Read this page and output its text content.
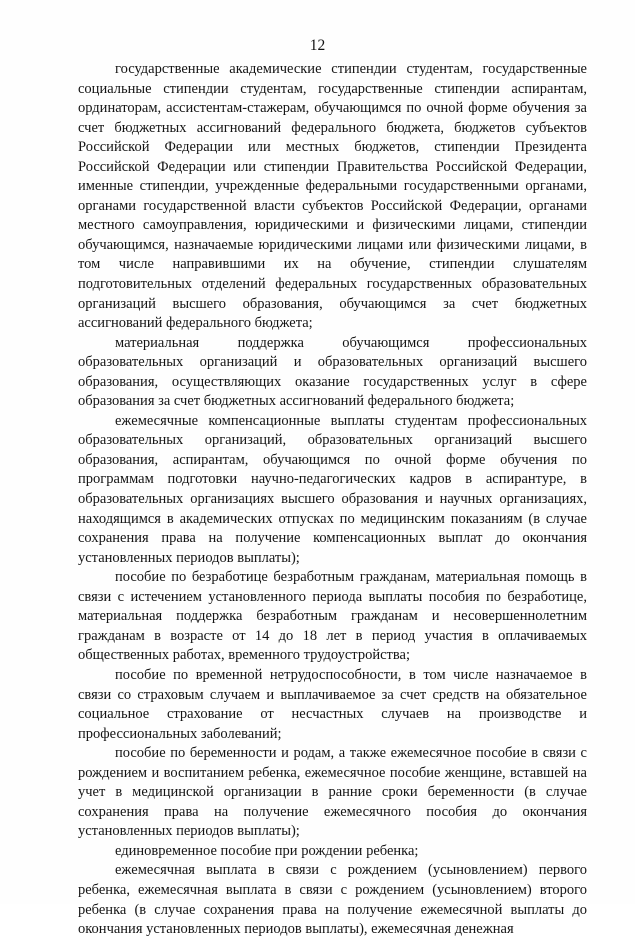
12

государственные академические стипендии студентам, государственные социальные стипендии студентам, государственные стипендии аспирантам, ординаторам, ассистентам-стажерам, обучающимся по очной форме обучения за счет бюджетных ассигнований федерального бюджета, бюджетов субъектов Российской Федерации или местных бюджетов, стипендии Президента Российской Федерации или стипендии Правительства Российской Федерации, именные стипендии, учрежденные федеральными государственными органами, органами государственной власти субъектов Российской Федерации, органами местного самоуправления, юридическими и физическими лицами, стипендии обучающимся, назначаемые юридическими лицами или физическими лицами, в том числе направившими их на обучение, стипендии слушателям подготовительных отделений федеральных государственных образовательных организаций высшего образования, обучающимся за счет бюджетных ассигнований федерального бюджета;

материальная поддержка обучающимся профессиональных образовательных организаций и образовательных организаций высшего образования, осуществляющих оказание государственных услуг в сфере образования за счет бюджетных ассигнований федерального бюджета;

ежемесячные компенсационные выплаты студентам профессиональных образовательных организаций, образовательных организаций высшего образования, аспирантам, обучающимся по очной форме обучения по программам подготовки научно-педагогических кадров в аспирантуре, в образовательных организациях высшего образования и научных организациях, находящимся в академических отпусках по медицинским показаниям (в случае сохранения права на получение компенсационных выплат до окончания установленных периодов выплаты);

пособие по безработице безработным гражданам, материальная помощь в связи с истечением установленного периода выплаты пособия по безработице, материальная поддержка безработным гражданам и несовершеннолетним гражданам в возрасте от 14 до 18 лет в период участия в оплачиваемых общественных работах, временного трудоустройства;

пособие по временной нетрудоспособности, в том числе назначаемое в связи со страховым случаем и выплачиваемое за счет средств на обязательное социальное страхование от несчастных случаев на производстве и профессиональных заболеваний;

пособие по беременности и родам, а также ежемесячное пособие в связи с рождением и воспитанием ребенка, ежемесячное пособие женщине, вставшей на учет в медицинской организации в ранние сроки беременности (в случае сохранения права на получение ежемесячного пособия до окончания установленных периодов выплаты);

единовременное пособие при рождении ребенка;

ежемесячная выплата в связи с рождением (усыновлением) первого ребенка, ежемесячная выплата в связи с рождением (усыновлением) второго ребенка (в случае сохранения права на получение ежемесячной выплаты до окончания установленных периодов выплаты), ежемесячная денежная
